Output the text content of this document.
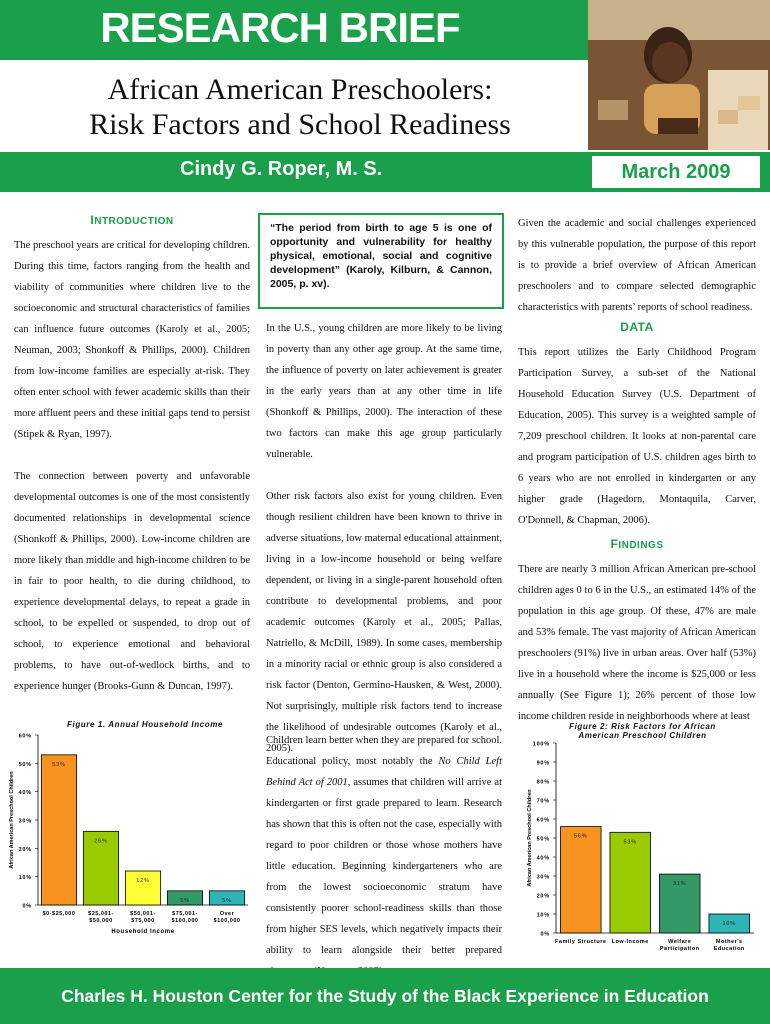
RESEARCH BRIEF
African American Preschoolers:
Risk Factors and School Readiness
Cindy G. Roper, M. S.	March 2009
INTRODUCTION

The preschool years are critical for developing children. During this time, factors ranging from the health and viability of communities where children live to the socioeconomic and structural characteristics of families can influence future outcomes (Karoly et al., 2005; Neuman, 2003; Shonkoff & Phillips, 2000). Children from low-income families are especially at-risk. They often enter school with fewer academic skills than their more affluent peers and these initial gaps tend to persist (Stipek & Ryan, 1997).

The connection between poverty and unfavorable developmental outcomes is one of the most consistently documented relationships in developmental science (Shonkoff & Phillips, 2000). Low-income children are more likely than middle and high-income children to be in fair to poor health, to die during childhood, to experience developmental delays, to repeat a grade in school, to be expelled or suspended, to drop out of school, to experience emotional and behavioral problems, to have out-of-wedlock births, and to experience hunger (Brooks-Gunn & Duncan, 1997).

“The period from birth to age 5 is one of opportunity and vulnerability for healthy physical, emotional, social and cognitive development” (Karoly, Kilburn, & Cannon, 2005, p. xv).

In the U.S., young children are more likely to be living in poverty than any other age group. At the same time, the influence of poverty on later achievement is greater in the early years than at any other time in life (Shonkoff & Phillips, 2000). The interaction of these two factors can make this age group particularly vulnerable.

Other risk factors also exist for young children. Even though resilient children have been known to thrive in adverse situations, low maternal educational attainment, living in a low-income household or being welfare dependent, or living in a single-parent household often contribute to developmental problems, and poor academic outcomes (Karoly et al., 2005; Pallas, Natriello, & McDill, 1989). In some cases, membership in a minority racial or ethnic group is also considered a risk factor (Denton, Germino-Hausken, & West, 2000). Not surprisingly, multiple risk factors tend to increase the likelihood of undesirable outcomes (Karoly et al., 2005).

Children learn better when they are prepared for school. Educational policy, most notably the No Child Left Behind Act of 2001, assumes that children will arrive at kindergarten or first grade prepared to learn. Research has shown that this is often not the case, especially with regard to poor children or those whose mothers have little education. Beginning kindergarteners who are from the lowest socioeconomic stratum have consistently poorer school-readiness skills than those from higher SES levels, which negatively impacts their ability to learn alongside their better prepared

Given the academic and social challenges experienced by this vulnerable population, the purpose of this report is to provide a brief overview of African American preschoolers and to compare selected demographic characteristics with parents’ reports of school readiness.

DATA

This report utilizes the Early Childhood Program Participation Survey, a sub-set of the National Household Education Survey (U.S. Department of Education, 2005). This survey is a weighted sample of 7,209 preschool children. It looks at non-parental care and program participation of U.S. children ages birth to 6 years who are not enrolled in kindergarten or any higher grade (Hagedorn, Montaquila, Carver, O'Donnell, & Chapman, 2006).

FINDINGS

There are nearly 3 million African American pre-school children ages 0 to 6 in the U.S., an estimated 14% of the population in this age group. Of these, 47% are male and 53% female. The vast majority of African American preschoolers (91%) live in urban areas. Over half (53%) live in a household where the income is $25,000 or less annually (See Figure 1); 26% percent of those low income children reside in neighborhoods where at least

Figure 1. Annual Household Income
0%
10%
20%
30%
40%
50%
60%
African American Preschool Children
53%
$0-$25,000
26%
$25,001-
$50,000
12%
$50,001-
$75,000
5%
$75,001-
$100,000
5%
Over
$100,000
Household Income
Figure 2: Risk Factors for African
American Preschool Children
0%
10%
20%
30%
40%
50%
60%
70%
80%
90%
100%
African American Preschool Children	56%
Family Structure
53%
Low-Income
31%
Welfare
Participation
10%
Mother's
Education
Charles H. Houston Center for the Study of the Black Experience in Education
